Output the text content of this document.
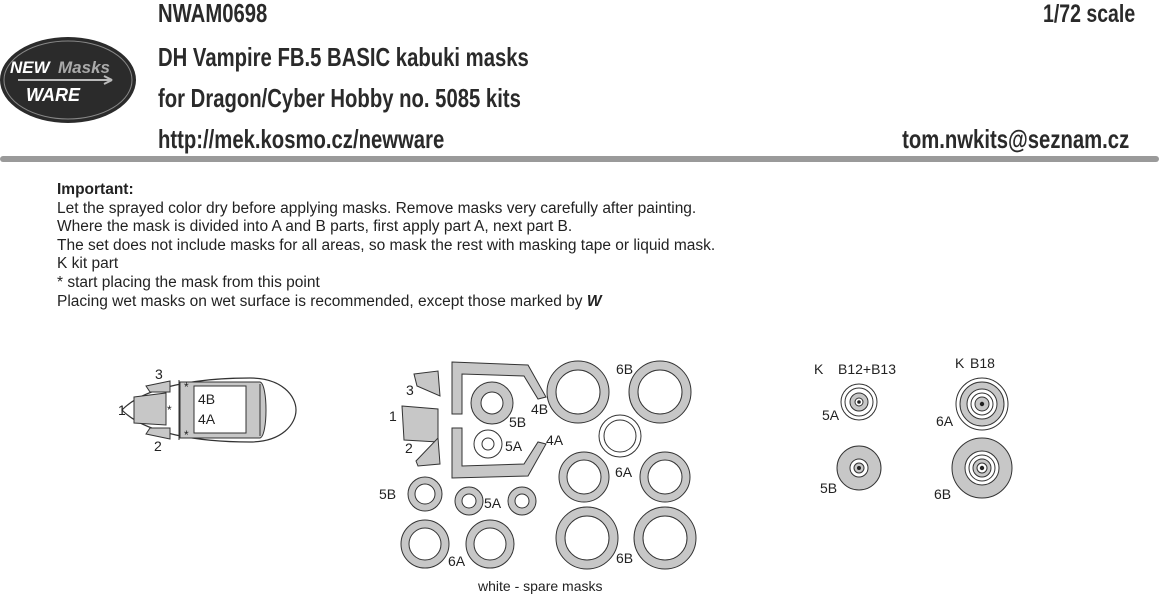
NWAM0698	1/72 scale
DH Vampire FB.5 BASIC kabuki masks
for Dragon/Cyber Hobby no. 5085 kits
http://mek.kosmo.cz/newware	tom.nwkits@seznam.cz
Important:
Let the sprayed color dry before applying masks. Remove masks very carefully after painting.
Where the mask is divided into A and B parts, first apply part A, next part B.
The set does not include masks for all areas, so mask the rest with masking tape or liquid mask.
K kit part
* start placing the mask from this point
Placing wet masks on wet surface is recommended, except those marked by W
NEW Masks
WARE
3
1
2
4B
4A
*
*
*
3
1
2
4B
4A
5B
5A
6B
6A
5B
5A
6A	6B
white - spare masks
K B12+B13	K B18
5A
5B
6A
6B
